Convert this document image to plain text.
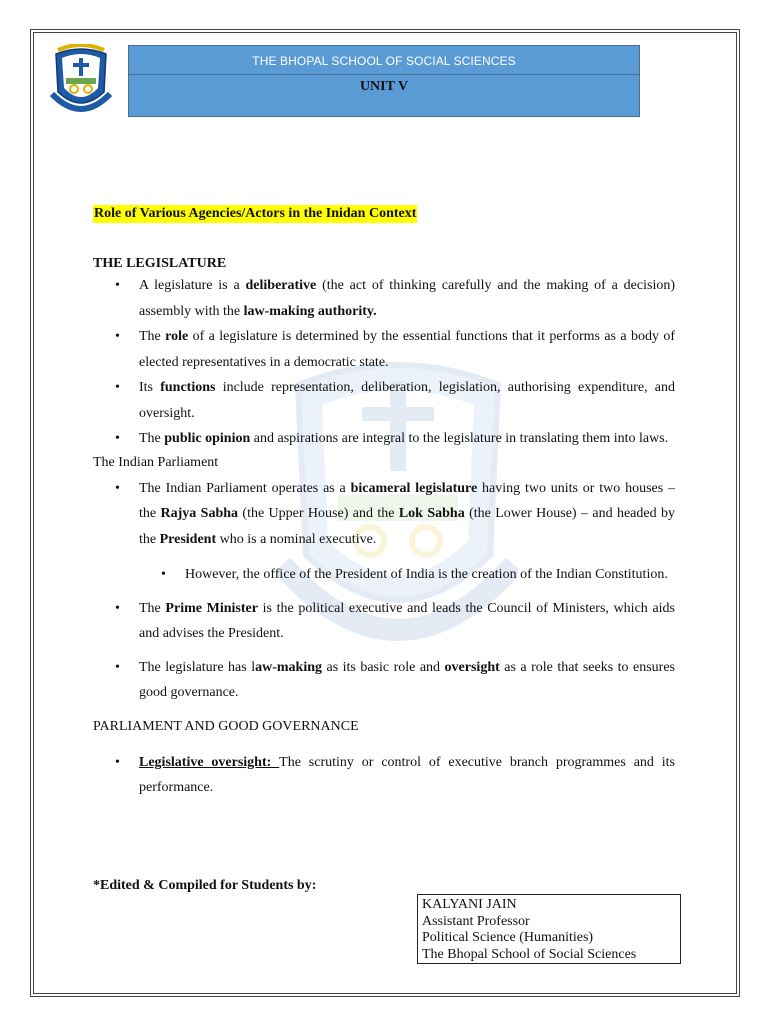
THE BHOPAL SCHOOL OF SOCIAL SCIENCES
UNIT V
Role of Various Agencies/Actors in the Inidan Context
THE LEGISLATURE
• A legislature is a deliberative (the act of thinking carefully and the making of a decision) assembly with the law-making authority.
• The role of a legislature is determined by the essential functions that it performs as a body of elected representatives in a democratic state.
• Its functions include representation, deliberation, legislation, authorising expenditure, and oversight.
• The public opinion and aspirations are integral to the legislature in translating them into laws.
The Indian Parliament
• The Indian Parliament operates as a bicameral legislature having two units or two houses – the Rajya Sabha (the Upper House) and the Lok Sabha (the Lower House) – and headed by the President who is a nominal executive.
• However, the office of the President of India is the creation of the Indian Constitution.
• The Prime Minister is the political executive and leads the Council of Ministers, which aids and advises the President.
• The legislature has law-making as its basic role and oversight as a role that seeks to ensures good governance.
PARLIAMENT AND GOOD GOVERNANCE
• Legislative oversight: The scrutiny or control of executive branch programmes and its performance.
*Edited & Compiled for Students by:
KALYANI JAIN
Assistant Professor
Political Science (Humanities)
The Bhopal School of Social Sciences
